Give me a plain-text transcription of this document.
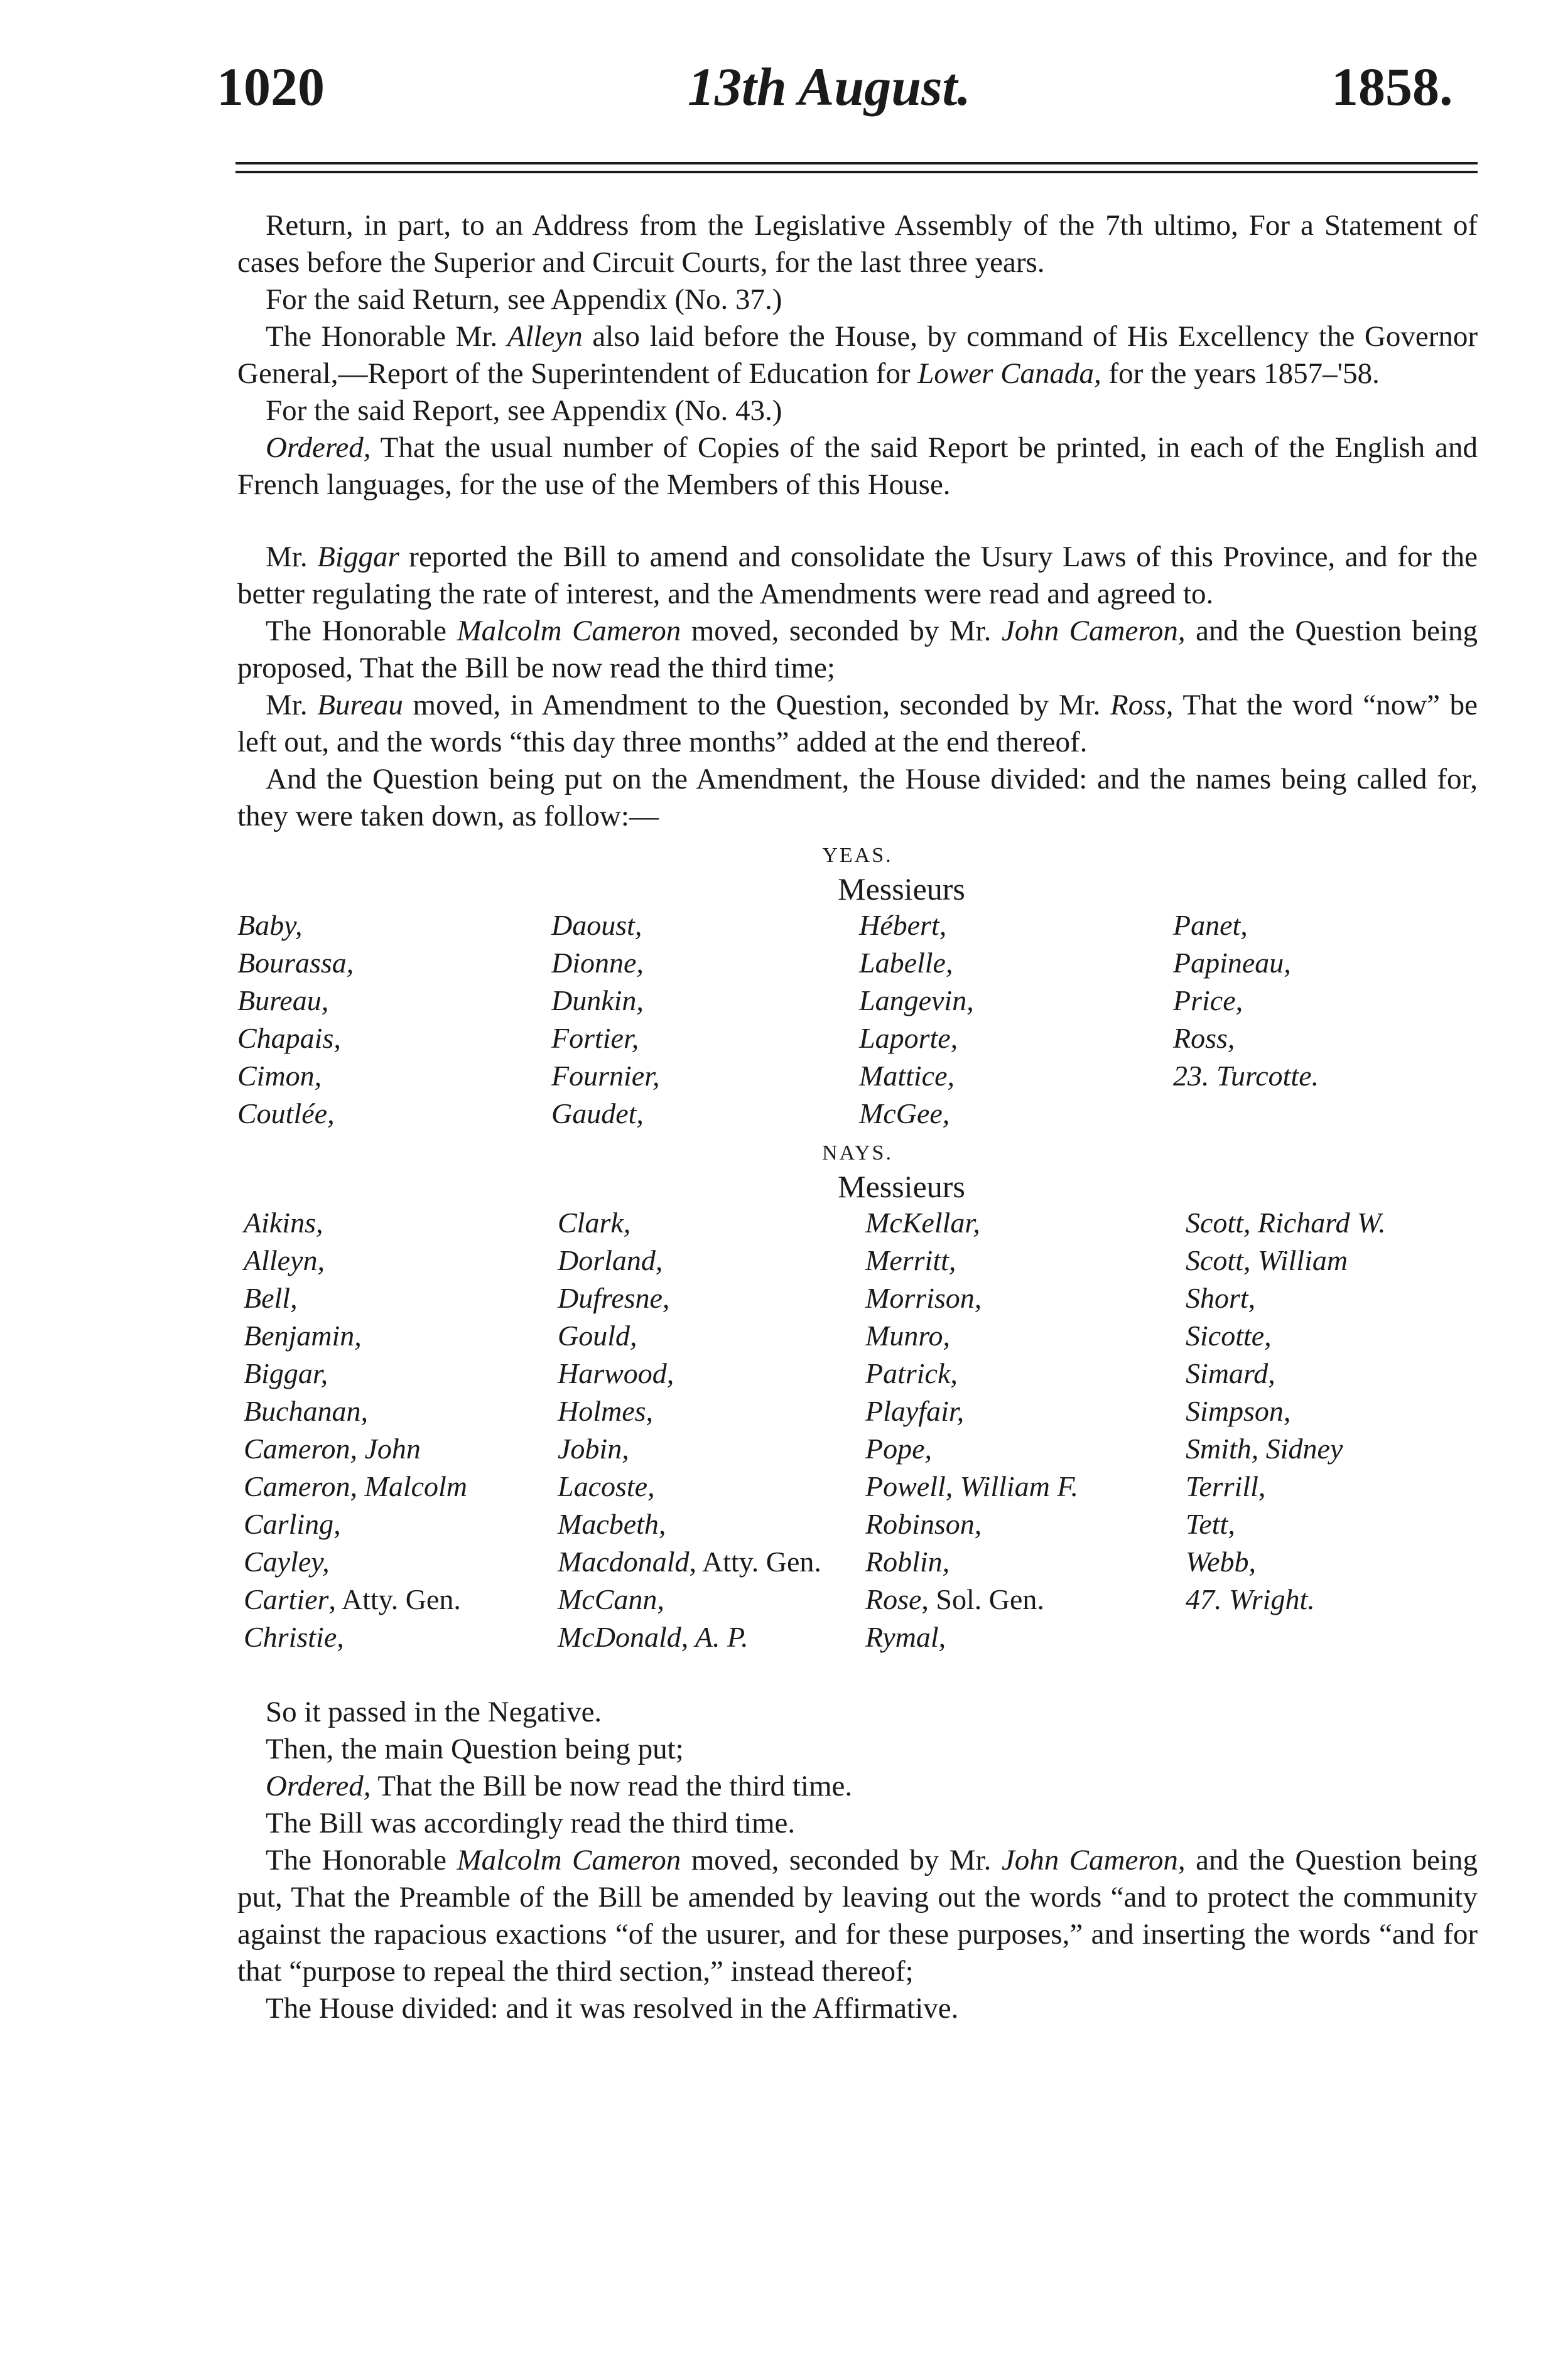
1020	13th August.	1858.

Return, in part, to an Address from the Legislative Assembly of the 7th ultimo, For a Statement of cases before the Superior and Circuit Courts, for the last three years.

For the said Return, see Appendix (No. 37.)

The Honorable Mr. Alleyn also laid before the House, by command of His Excellency the Governor General,—Report of the Superintendent of Education for Lower Canada, for the years 1857–'58.

For the said Report, see Appendix (No. 43.)

Ordered, That the usual number of Copies of the said Report be printed, in each of the English and French languages, for the use of the Members of this House.

Mr. Biggar reported the Bill to amend and consolidate the Usury Laws of this Province, and for the better regulating the rate of interest, and the Amendments were read and agreed to.

The Honorable Malcolm Cameron moved, seconded by Mr. John Cameron, and the Question being proposed, That the Bill be now read the third time;

Mr. Bureau moved, in Amendment to the Question, seconded by Mr. Ross, That the word “now” be left out, and the words “this day three months” added at the end thereof.

And the Question being put on the Amendment, the House divided: and the names being called for, they were taken down, as follow:—

YEAS.
Messieurs
Baby,
Bourassa,
Bureau,
Chapais,
Cimon,
Coutlée,
Daoust,
Dionne,
Dunkin,
Fortier,
Fournier,
Gaudet,
Hébert,
Labelle,
Langevin,
Laporte,
Mattice,
McGee,
Panet,
Papineau,
Price,
Ross,
23. Turcotte.
NAYS.
Messieurs
Aikins,
Alleyn,
Bell,
Benjamin,
Biggar,
Buchanan,
Cameron, John
Cameron, Malcolm
Carling,
Cayley,
Cartier, Atty. Gen.
Christie,
Clark,
Dorland,
Dufresne,
Gould,
Harwood,
Holmes,
Jobin,
Lacoste,
Macbeth,
Macdonald, Atty. Gen.
McCann,
McDonald, A. P.
McKellar,
Merritt,
Morrison,
Munro,
Patrick,
Playfair,
Pope,
Powell, William F.
Robinson,
Roblin,
Rose, Sol. Gen.
Rymal,
Scott, Richard W.
Scott, William
Short,
Sicotte,
Simard,
Simpson,
Smith, Sidney
Terrill,
Tett,
Webb,
47. Wright.

So it passed in the Negative.

Then, the main Question being put;

Ordered, That the Bill be now read the third time.

The Bill was accordingly read the third time.

The Honorable Malcolm Cameron moved, seconded by Mr. John Cameron, and the Question being put, That the Preamble of the Bill be amended by leaving out the words “and to protect the community against the rapacious exactions “of the usurer, and for these purposes,” and inserting the words “and for that “purpose to repeal the third section,” instead thereof;

The House divided: and it was resolved in the Affirmative.
